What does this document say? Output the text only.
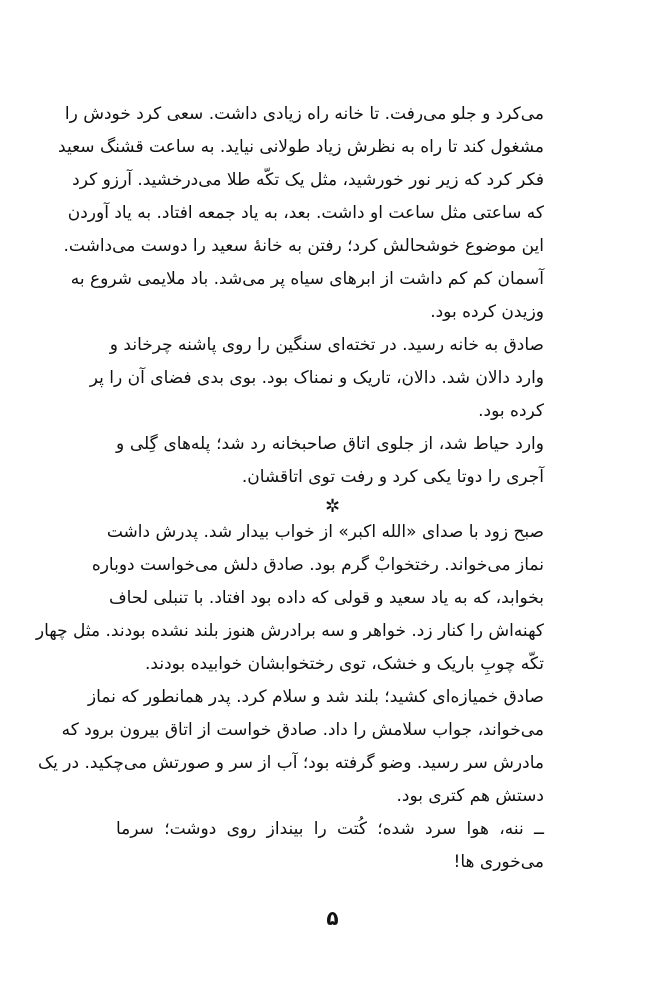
می‌کرد و جلو می‌رفت. تا خانه راه زیادی داشت. سعی کرد خودش را
مشغول کند تا راه به نظرش زیاد طولانی نیاید. به ساعت قشنگ سعید
فکر کرد که زیر نور خورشید، مثل یک تکّه طلا می‌درخشید. آرزو کرد
که ساعتی مثل ساعت او داشت. بعد، به یاد جمعه افتاد. به یاد آوردن
این موضوع خوشحالش کرد؛ رفتن به خانهٔ سعید را دوست می‌داشت.
آسمان کم کم داشت از ابرهای سیاه پر می‌شد. باد ملایمی شروع به
وزیدن کرده بود.
صادق به خانه رسید. در تخته‌ای سنگین را روی پاشنه چرخاند و
وارد دالان شد. دالان، تاریک و نمناک بود. بوی بدی فضای آن را پر
کرده بود.
وارد حیاط شد، از جلوی اتاق صاحبخانه رد شد؛ پله‌های گِلی و
آجری را دوتا یکی کرد و رفت توی اتاقشان.
✲
صبح زود با صدای «الله اکبر» از خواب بیدار شد. پدرش داشت
نماز می‌خواند. رختخوابْ گرم بود. صادق دلش می‌خواست دوباره
بخوابد، که به یاد سعید و قولی که داده بود افتاد. با تنبلی لحاف
کهنه‌اش را کنار زد. خواهر و سه برادرش هنوز بلند نشده بودند. مثل چهار
تکّه چوبِ باریک و خشک، توی رختخوابشان خوابیده بودند.
صادق خمیازه‌ای کشید؛ بلند شد و سلام کرد. پدر همانطور که نماز
می‌خواند، جواب سلامش را داد. صادق خواست از اتاق بیرون برود که
مادرش سر رسید. وضو گرفته بود؛ آب از سر و صورتش می‌چکید. در یک
دستش هم کتری بود.
ــ ننه، هوا سرد شده؛ کُتت را بینداز روی دوشت؛ سرما
می‌خوری ها!
۵
